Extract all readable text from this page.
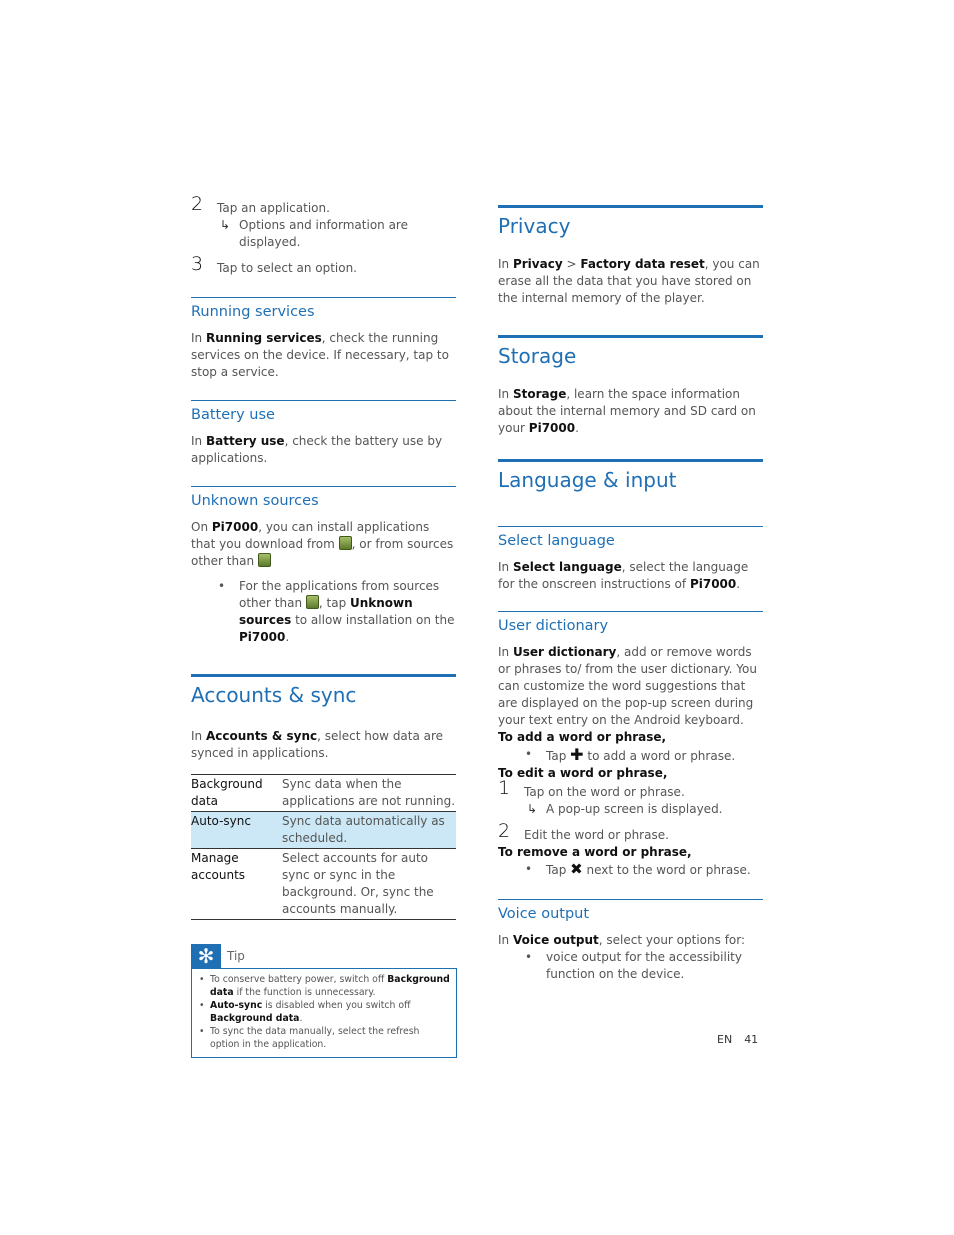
2 Tap an application.
↳ Options and information are displayed.
3 Tap to select an option.
Running services

In Running services, check the running services on the device. If necessary, tap to stop a service.

Battery use

In Battery use, check the battery use by applications.

Unknown sources

On Pi7000, you can install applications that you download from , or from sources other than

• For the applications from sources other than , tap Unknown sources to allow installation on the Pi7000.
Accounts & sync

In Accounts & sync, select how data are synced in applications.

Background data	Sync data when the applications are not running.
Auto-sync	Sync data automatically as scheduled.
Manage accounts	Select accounts for auto sync or sync in the background. Or, sync the accounts manually.
✻	Tip
• To conserve battery power, switch off Background data if the function is unnecessary.
• Auto-sync is disabled when you switch off Background data.
• To sync the data manually, select the refresh option in the application.
Privacy

In Privacy > Factory data reset, you can erase all the data that you have stored on the internal memory of the player.

Storage

In Storage, learn the space information about the internal memory and SD card on your Pi7000.

Language & input
Select language

In Select language, select the language for the onscreen instructions of Pi7000.

User dictionary

In User dictionary, add or remove words or phrases to/ from the user dictionary. You can customize the word suggestions that are displayed on the pop-up screen during your text entry on the Android keyboard.

To add a word or phrase,
• Tap ✚ to add a word or phrase.
To edit a word or phrase,
1 Tap on the word or phrase.
↳ A pop-up screen is displayed.
2 Edit the word or phrase.
To remove a word or phrase,
• Tap ✖ next to the word or phrase.
Voice output

In Voice output, select your options for:

• voice output for the accessibility function on the device.
EN 41
